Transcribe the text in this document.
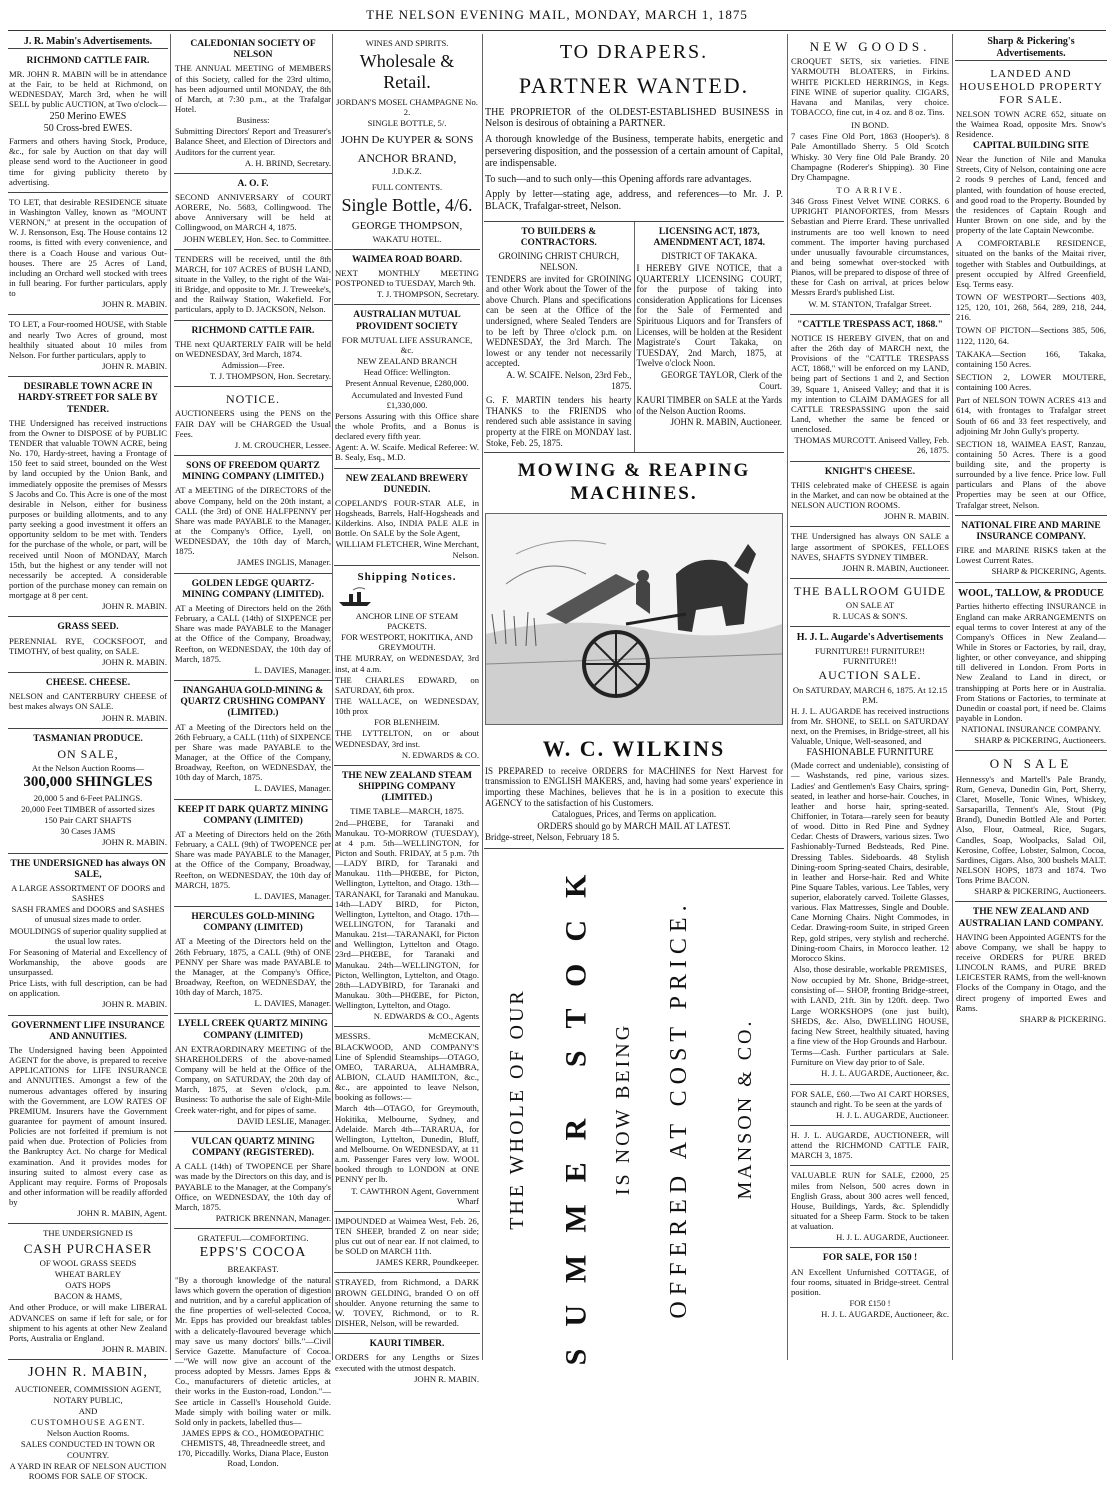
THE NELSON EVENING MAIL, MONDAY, MARCH 1, 1875
J. R. Mabin's Advertisements.
RICHMOND CATTLE FAIR.

MR. JOHN R. MABIN will be in attendance at the Fair, to be held at Richmond, on WEDNESDAY, March 3rd, when he will SELL by public AUCTION, at Two o'clock—

250 Merino EWES
50 Cross-bred EWES.

Farmers and others having Stock, Produce, &c., for sale by Auction on that day will please send word to the Auctioneer in good time for giving publicity thereto by advertising.

TO LET, that desirable RESIDENCE situate in Washington Valley, known as "MOUNT VERNON," at present in the occupation of W. J. Rensonson, Esq. The House contains 12 rooms, is fitted with every convenience, and there is a Coach House and various Out-houses. There are 25 Acres of Land, including an Orchard well stocked with trees in full bearing. For further particulars, apply to

JOHN R. MABIN.

TO LET, a Four-roomed HOUSE, with Stable and nearly Two Acres of ground, most healthily situated about 10 miles from Nelson. For further particulars, apply to

JOHN R. MABIN.
DESIRABLE TOWN ACRE IN HARDY-STREET FOR SALE BY TENDER.

THE Undersigned has received instructions from the Owner to DISPOSE of by PUBLIC TENDER that valuable TOWN ACRE, being No. 170, Hardy-street, having a Frontage of 150 feet to said street, bounded on the West by land occupied by the Union Bank, and immediately opposite the premises of Messrs S Jacobs and Co. This Acre is one of the most desirable in Nelson, either for business purposes or building allotments, and to any party seeking a good investment it offers an opportunity seldom to be met with. Tenders for the purchase of the whole, or part, will be received until Noon of MONDAY, March 15th, but the highest or any tender will not necessarily be accepted. A considerable portion of the purchase money can remain on mortgage at 8 per cent.

JOHN R. MABIN.
GRASS SEED.

PERENNIAL RYE, COCKSFOOT, and TIMOTHY, of best quality, on SALE.

JOHN R. MABIN.
CHEESE. CHEESE.

NELSON and CANTERBURY CHEESE of best makes always ON SALE.

JOHN R. MABIN.
TASMANIAN PRODUCE.
ON SALE,
At the Nelson Auction Rooms—
300,000 SHINGLES
20,000 5 and 6-Feet PALINGS.
20,000 Feet TIMBER of assorted sizes
150 Pair CART SHAFTS
30 Cases JAMS
JOHN R. MABIN.
THE UNDERSIGNED has always ON SALE,
A LARGE ASSORTMENT OF DOORS and SASHES
SASH FRAMES and DOORS and SASHES of unusual sizes made to order.
MOULDINGS of superior quality supplied at the usual low rates.

For Seasoning of Material and Excellency of Workmanship, the above goods are unsurpassed.

Price Lists, with full description, can be had on application.

JOHN R. MABIN.
GOVERNMENT LIFE INSURANCE AND ANNUITIES.

The Undersigned having been Appointed AGENT for the above, is prepared to receive APPLICATIONS for LIFE INSURANCE and ANNUITIES. Amongst a few of the numerous advantages offered by insuring with the Government, are LOW RATES OF PREMIUM. Insurers have the Government guarantee for payment of amount insured. Policies are not forfeited if premium is not paid when due. Protection of Policies from the Bankruptcy Act. No charge for Medical examination. And it provides modes for insuring suited to almost every case as Applicant may require. Forms of Proposals and other information will be readily afforded by

JOHN R. MABIN, Agent.
THE UNDERSIGNED IS
CASH PURCHASER
OF WOOL GRASS SEEDS
WHEAT BARLEY
OATS HOPS
BACON & HAMS,

And other Produce, or will make LIBERAL ADVANCES on same if left for sale, or for shipment to his agents at other New Zealand Ports, Australia or England.

JOHN R. MABIN.
JOHN R. MABIN,
AUCTIONEER, COMMISSION AGENT,
NOTARY PUBLIC,
AND
CUSTOMHOUSE AGENT.
Nelson Auction Rooms.
SALES CONDUCTED IN TOWN OR COUNTRY.
A YARD IN REAR OF NELSON AUCTION ROOMS FOR SALE OF STOCK.
CALEDONIAN SOCIETY OF NELSON

THE ANNUAL MEETING of MEMBERS of this Society, called for the 23rd ultimo, has been adjourned until MONDAY, the 8th of March, at 7:30 p.m., at the Trafalgar Hotel.

Business:

Submitting Directors' Report and Treasurer's Balance Sheet, and Election of Directors and Auditors for the current year.

A. H. BRIND, Secretary.
A. O. F.

SECOND ANNIVERSARY of COURT AORERE, No. 5683, Collingwood. The above Anniversary will be held at Collingwood, on MARCH 4, 1875.

JOHN WEBLEY, Hon. Sec. to Committee.

TENDERS will be received, until the 8th MARCH, for 107 ACRES of BUSH LAND, situate in the Valley, to the right of the Wai-iti Bridge, and opposite to Mr. J. Treweeke's, and the Railway Station, Wakefield. For particulars, apply to D. JACKSON, Nelson.

RICHMOND CATTLE FAIR.

THE next QUARTERLY FAIR will be held on WEDNESDAY, 3rd March, 1874.

Admission—Free.
T. J. THOMPSON, Hon. Secretary.
NOTICE.

AUCTIONEERS using the PENS on the FAIR DAY will be CHARGED the Usual Fees.

J. M. CROUCHER, Lessee.
SONS OF FREEDOM QUARTZ MINING COMPANY (LIMITED.)

AT a MEETING of the DIRECTORS of the above Company, held on the 20th instant, a CALL (the 3rd) of ONE HALFPENNY per Share was made PAYABLE to the Manager, at the Company's Office, Lyell, on WEDNESDAY, the 10th day of March, 1875.

JAMES INGLIS, Manager.
GOLDEN LEDGE QUARTZ-MINING COMPANY (LIMITED).

AT a Meeting of Directors held on the 26th February, a CALL (14th) of SIXPENCE per Share was made PAYABLE to the Manager at the Office of the Company, Broadway, Reefton, on WEDNESDAY, the 10th day of March, 1875.

L. DAVIES, Manager.
INANGAHUA GOLD-MINING & QUARTZ CRUSHING COMPANY (LIMITED.)

AT a Meeting of the Directors held on the 26th February, a CALL (11th) of SIXPENCE per Share was made PAYABLE to the Manager, at the Office of the Company, Broadway, Reefton, on WEDNESDAY, the 10th day of March, 1875.

L. DAVIES, Manager.
KEEP IT DARK QUARTZ MINING COMPANY (LIMITED)

AT a Meeting of Directors held on the 26th February, a CALL (9th) of TWOPENCE per Share was made PAYABLE to the Manager, at the Office of the Company, Broadway, Reefton, on WEDNESDAY, the 10th day of MARCH, 1875.

L. DAVIES, Manager.
HERCULES GOLD-MINING COMPANY (LIMITED)

AT a Meeting of the Directors held on the 26th February, 1875, a CALL (9th) of ONE PENNY per Share was made PAYABLE to the Manager, at the Company's Office, Broadway, Reefton, on WEDNESDAY, the 10th day of March, 1875.

L. DAVIES, Manager.
LYELL CREEK QUARTZ MINING COMPANY (LIMITED)

AN EXTRAORDINARY MEETING of the SHAREHOLDERS of the above-named Company will be held at the Office of the Company, on SATURDAY, the 20th day of March, 1875, at Seven o'clock, p.m. Business: To authorise the sale of Eight-Mile Creek water-right, and for pipes of same.

DAVID LESLIE, Manager.
VULCAN QUARTZ MINING COMPANY (REGISTERED).

A CALL (14th) of TWOPENCE per Share was made by the Directors on this day, and is PAYABLE to the Manager, at the Company's Office, on WEDNESDAY, the 10th day of March, 1875.

PATRICK BRENNAN, Manager.
GRATEFUL—COMFORTING.
EPPS'S COCOA
BREAKFAST.

"By a thorough knowledge of the natural laws which govern the operation of digestion and nutrition, and by a careful application of the fine properties of well-selected Cocoa, Mr. Epps has provided our breakfast tables with a delicately-flavoured beverage which may save us many doctors' bills."—Civil Service Gazette. Manufacture of Cocoa.—"We will now give an account of the process adopted by Messrs. James Epps & Co., manufacturers of dietetic articles, at their works in the Euston-road, London."—See article in Cassell's Household Guide. Made simply with boiling water or milk. Sold only in packets, labelled thus—

JAMES EPPS & CO., HOMŒOPATHIC CHEMISTS, 48, Threadneedle street, and 170, Piccadilly. Works, Diana Place, Euston Road, London.
WINES AND SPIRITS.
Wholesale & Retail.
JORDAN'S MOSEL CHAMPAGNE No. 2.
SINGLE BOTTLE, 5/.
JOHN De KUYPER & SONS
ANCHOR BRAND,
J.D.K.Z.
FULL CONTENTS.
Single Bottle, 4/6.
GEORGE THOMPSON,
WAKATU HOTEL.
WAIMEA ROAD BOARD.

NEXT MONTHLY MEETING POSTPONED to TUESDAY, March 9th.

T. J. THOMPSON, Secretary.
AUSTRALIAN MUTUAL PROVIDENT SOCIETY
FOR MUTUAL LIFE ASSURANCE, &c.
NEW ZEALAND BRANCH
Head Office: Wellington.
Present Annual Revenue, £280,000.
Accumulated and Invested Fund £1,330,000.

Persons Assuring with this Office share the whole Profits, and a Bonus is declared every fifth year.

Agent: A. W. Scaife. Medical Referee: W. B. Sealy, Esq., M.D.

NEW ZEALAND BREWERY DUNEDIN.

COPELAND'S FOUR-STAR ALE, in Hogsheads, Barrels, Half-Hogsheads and Kilderkins. Also, INDIA PALE ALE in Bottle. On SALE by the Sole Agent,

WILLIAM FLETCHER, Wine Merchant, Nelson.
Shipping Notices.
ANCHOR LINE OF STEAM PACKETS.
FOR WESTPORT, HOKITIKA, AND GREYMOUTH.

THE MURRAY, on WEDNESDAY, 3rd inst, at 4 a.m.

THE CHARLES EDWARD, on SATURDAY, 6th prox.

THE WALLACE, on WEDNESDAY, 10th prox

FOR BLENHEIM.

THE LYTTELTON, on or about WEDNESDAY, 3rd inst.

N. EDWARDS & CO.
THE NEW ZEALAND STEAM SHIPPING COMPANY (LIMITED.)
TIME TABLE—MARCH, 1875.

2nd—PHŒBE, for Taranaki and Manukau. TO-MORROW (TUESDAY), at 4 p.m. 5th—WELLINGTON, for Picton and South. FRIDAY, at 5 p.m. 7th—LADY BIRD, for Taranaki and Manukau. 11th—PHŒBE, for Picton, Wellington, Lyttelton, and Otago. 13th—TARANAKI, for Taranaki and Manukau. 14th—LADY BIRD, for Picton, Wellington, Lyttelton, and Otago. 17th—WELLINGTON, for Taranaki and Manukau. 21st—TARANAKI, for Picton and Wellington, Lyttelton and Otago. 23rd—PHŒBE, for Taranaki and Manukau. 24th—WELLINGTON, for Picton, Wellington, Lyttelton, and Otago. 28th—LADYBIRD, for Taranaki and Manukau. 30th—PHŒBE, for Picton, Wellington, Lyttelton, and Otago.

N. EDWARDS & CO., Agents

MESSRS. McMECKAN, BLACKWOOD, AND COMPANY'S Line of Splendid Steamships—OTAGO, OMEO, TARARUA, ALHAMBRA, ALBION, CLAUD HAMILTON, &c., &c., are appointed to leave Nelson, booking as follows:—

March 4th—OTAGO, for Greymouth, Hokitika, Melbourne, Sydney, and Adelaide. March 4th—TARARUA, for Wellington, Lyttelton, Dunedin, Bluff, and Melbourne. On WEDNESDAY, at 11 a.m. Passenger Fares very low. WOOL booked through to LONDON at ONE PENNY per lb.

T. CAWTHRON Agent, Government Wharf

IMPOUNDED at Waimea West, Feb. 26, TEN SHEEP, branded Z on near side; plus cut out of near ear. If not claimed, to be SOLD on MARCH 11th.

JAMES KERR, Poundkeeper.

STRAYED, from Richmond, a DARK BROWN GELDING, branded O on off shoulder. Anyone returning the same to W. TOVEY, Richmond, or to R. DISHER, Nelson, will be rewarded.

KAURI TIMBER.

ORDERS for any Lengths or Sizes executed with the utmost despatch.

JOHN R. MABIN.
TO DRAPERS.
PARTNER WANTED.

THE PROPRIETOR of the OLDEST-ESTABLISHED BUSINESS in Nelson is desirous of obtaining a PARTNER.

A thorough knowledge of the Business, temperate habits, energetic and persevering disposition, and the possession of a certain amount of Capital, are indispensable.

To such—and to such only—this Opening affords rare advantages.

Apply by letter—stating age, address, and references—to Mr. J. P. BLACK, Trafalgar-street, Nelson.

TO BUILDERS & CONTRACTORS.
GROINING CHRIST CHURCH, NELSON.

TENDERS are invited for GROINING and other Work about the Tower of the above Church. Plans and specifications can be seen at the Office of the undersigned, where Sealed Tenders are to be left by Three o'clock p.m. on WEDNESDAY, the 3rd March. The lowest or any tender not necessarily accepted.

A. W. SCAIFE. Nelson, 23rd Feb., 1875.

G. F. MARTIN tenders his hearty THANKS to the FRIENDS who rendered such able assistance in saving property at the FIRE on MONDAY last. Stoke, Feb. 25, 1875.

LICENSING ACT, 1873, AMENDMENT ACT, 1874.
DISTRICT OF TAKAKA.

I HEREBY GIVE NOTICE, that a QUARTERLY LICENSING COURT, for the purpose of taking into consideration Applications for Licenses for the Sale of Fermented and Spirituous Liquors and for Transfers of Licenses, will be holden at the Resident Magistrate's Court Takaka, on TUESDAY, 2nd March, 1875, at Twelve o'clock Noon.

GEORGE TAYLOR, Clerk of the Court.

KAURI TIMBER on SALE at the Yards of the Nelson Auction Rooms.

JOHN R. MABIN, Auctioneer.
MOWING & REAPING MACHINES.
W. C. WILKINS

IS PREPARED to receive ORDERS for MACHINES for Next Harvest for transmission to ENGLISH MAKERS, and, having had some years' experience in importing these Machines, believes that he is in a position to execute this AGENCY to the satisfaction of his Customers.

Catalogues, Prices, and Terms on application.
ORDERS should go by MARCH MAIL AT LATEST.

Bridge-street, Nelson, February 18 5.

THE WHOLE OF OUR SUMMER STOCK IS NOW BEING OFFERED AT COST PRICE. MANSON & CO.
NEW GOODS.

CROQUET SETS, six varieties. FINE YARMOUTH BLOATERS, in Firkins. WHITE PICKLED HERRINGS, in Kegs. FINE WINE of superior quality. CIGARS, Havana and Manilas, very choice. TOBACCO, fine cut, in 4 oz. and 8 oz. Tins.

IN BOND.

7 cases Fine Old Port, 1863 (Hooper's). 8 Pale Amontillado Sherry. 5 Old Scotch Whisky. 30 Very fine Old Pale Brandy. 20 Champagne (Roderer's Shipping). 30 Fine Dry Champagne.

TO ARRIVE.

346 Gross Finest Velvet WINE CORKS. 6 UPRIGHT PIANOFORTES, from Messrs Sebastian and Pierre Erard. These unrivalled instruments are too well known to need comment. The importer having purchased under unusually favourable circumstances, and being somewhat over-stocked with Pianos, will be prepared to dispose of three of these for Cash on arrival, at prices below Messrs Erard's published List.

W. M. STANTON, Trafalgar Street.
"CATTLE TRESPASS ACT, 1868."

NOTICE IS HEREBY GIVEN, that on and after the 26th day of MARCH next, the Provisions of the "CATTLE TRESPASS ACT, 1868," will be enforced on my LAND, being part of Sections 1 and 2, and Section 39, Square 1, Aniseed Valley; and that it is my intention to CLAIM DAMAGES for all CATTLE TRESPASSING upon the said Land, whether the same be fenced or unenclosed.

THOMAS MURCOTT. Aniseed Valley, Feb. 26, 1875.
KNIGHT'S CHEESE.

THIS celebrated make of CHEESE is again in the Market, and can now be obtained at the NELSON AUCTION ROOMS.

JOHN R. MABIN.

THE Undersigned has always ON SALE a large assortment of SPOKES, FELLOES NAVES, SHAFTS SYDNEY TIMBER.

JOHN R. MABIN, Auctioneer.
THE BALLROOM GUIDE
ON SALE AT
R. LUCAS & SON'S.
H. J. L. Augarde's Advertisements
FURNITURE!! FURNITURE!! FURNITURE!!
AUCTION SALE.
On SATURDAY, MARCH 6, 1875. At 12.15 P.M.

H. J. L. AUGARDE has received instructions from Mr. SHONE, to SELL on SATURDAY next, on the Premises, in Bridge-street, all his Valuable, Unique, Well-seasoned, and

FASHIONABLE FURNITURE

(Made correct and undeniable), consisting of— Washstands, red pine, various sizes. Ladies' and Gentlemen's Easy Chairs, spring-seated, in leather and horse-hair. Couches, in leather and horse hair, spring-seated. Chiffonier, in Totara—rarely seen for beauty of wood. Ditto in Red Pine and Sydney Cedar. Chests of Drawers, various sizes. Two Fashionably-Turned Bedsteads, Red Pine. Dressing Tables. Sideboards. 48 Stylish Dining-room Spring-seated Chairs, desirable, in leather and Horse-hair. Red and White Pine Square Tables, various. Lee Tables, very superior, elaborately carved. Toilette Glasses, various. Flax Mattresses, Single and Double. Cane Morning Chairs. Night Commodes, in Cedar. Drawing-room Suite, in striped Green Rep, gold stripes, very stylish and recherché. Dining-room Chairs, in Morocco leather. 12 Morocco Skins.

Also, those desirable, workable PREMISES,

Now occupied by Mr. Shone, Bridge-street, consisting of— SHOP, fronting Bridge-street, with LAND, 21ft. 3in by 120ft. deep. Two Large WORKSHOPS (one just built), SHEDS, &c. Also, DWELLING HOUSE, facing New Street, healthily situated, having a fine view of the Hop Grounds and Harbour.

Terms—Cash. Further particulars at Sale. Furniture on View day prior to of Sale.

H. J. L. AUGARDE, Auctioneer, &c.

FOR SALE, £60.—Two AI CART HORSES, staunch and right. To be seen at the yards of

H. J. L. AUGARDE, Auctioneer.

H. J. L. AUGARDE, AUCTIONEER, will attend the RICHMOND CATTLE FAIR, MARCH 3, 1875.

VALUABLE RUN for SALE, £2000, 25 miles from Nelson, 500 acres down in English Grass, about 300 acres well fenced, House, Buildings, Yards, &c. Splendidly situated for a Sheep Farm. Stock to be taken at valuation.

H. J. L. AUGARDE, Auctioneer.
FOR SALE, FOR 150 !

AN Excellent Unfurnished COTTAGE, of four rooms, situated in Bridge-street. Central position.

FOR £150 !
H. J. L. AUGARDE, Auctioneer, &c.
Sharp & Pickering's Advertisements.
LANDED AND HOUSEHOLD PROPERTY FOR SALE.

NELSON TOWN ACRE 652, situate on the Waimea Road, opposite Mrs. Snow's Residence.

CAPITAL BUILDING SITE

Near the Junction of Nile and Manuka Streets, City of Nelson, containing one acre 2 roods 9 perches of Land, fenced and planted, with foundation of house erected, and good road to the Property. Bounded by the residences of Captain Rough and Hunter Brown on one side, and by the property of the late Captain Newcombe.

A COMFORTABLE RESIDENCE, situated on the banks of the Maitai river, together with Stables and Outbuildings, at present occupied by Alfred Greenfield, Esq. Terms easy.

TOWN OF WESTPORT—Sections 403, 125, 120, 101, 268, 564, 289, 218, 244, 216.

TOWN OF PICTON—Sections 385, 506, 1122, 1120, 64.

TAKAKA—Section 166, Takaka, containing 150 Acres.

SECTION 2, LOWER MOUTERE, containing 100 Acres.

Part of NELSON TOWN ACRES 413 and 614, with frontages to Trafalgar street South of 66 and 33 feet respectively, and adjoining Mr John Gully's property.

SECTION 18, WAIMEA EAST, Ranzau, containing 50 Acres. There is a good building site, and the property is surrounded by a live fence. Price low. Full particulars and Plans of the above Properties may be seen at our Office, Trafalgar street, Nelson.

NATIONAL FIRE AND MARINE INSURANCE COMPANY.

FIRE and MARINE RISKS taken at the Lowest Current Rates.

SHARP & PICKERING, Agents.
WOOL, TALLOW, & PRODUCE

Parties hitherto effecting INSURANCE in England can make ARRANGEMENTS on equal terms to cover Interest at any of the Company's Offices in New Zealand— While in Stores or Factories, by rail, dray, lighter, or other conveyance, and shipping till delivered in London. From Ports in New Zealand to Land in direct, or transhipping at Ports here or in Australia. From Stations or Factories, to terminate at Dunedin or coastal port, if need be. Claims payable in London.

NATIONAL INSURANCE COMPANY.
SHARP & PICKERING, Auctioneers.
ON SALE

Hennessy's and Martell's Pale Brandy, Rum, Geneva, Dunedin Gin, Port, Sherry, Claret, Moselle, Tonic Wines, Whiskey, Sarsaparilla, Tennent's Ale, Stout (Pig Brand), Dunedin Bottled Ale and Porter. Also, Flour, Oatmeal, Rice, Sugars, Candles, Soap, Woolpacks, Salad Oil, Kerosine, Coffee, Lobster, Salmon, Cocoa, Sardines, Cigars. Also, 300 bushels MALT. NELSON HOPS, 1873 and 1874. Two Tons Prime BACON.

SHARP & PICKERING, Auctioneers.
THE NEW ZEALAND AND AUSTRALIAN LAND COMPANY.

HAVING been Appointed AGENTS for the above Company, we shall be happy to receive ORDERS for PURE BRED LINCOLN RAMS, and PURE BRED LEICESTER RAMS, from the well-known Flocks of the Company in Otago, and the direct progeny of imported Ewes and Rams.

SHARP & PICKERING.
